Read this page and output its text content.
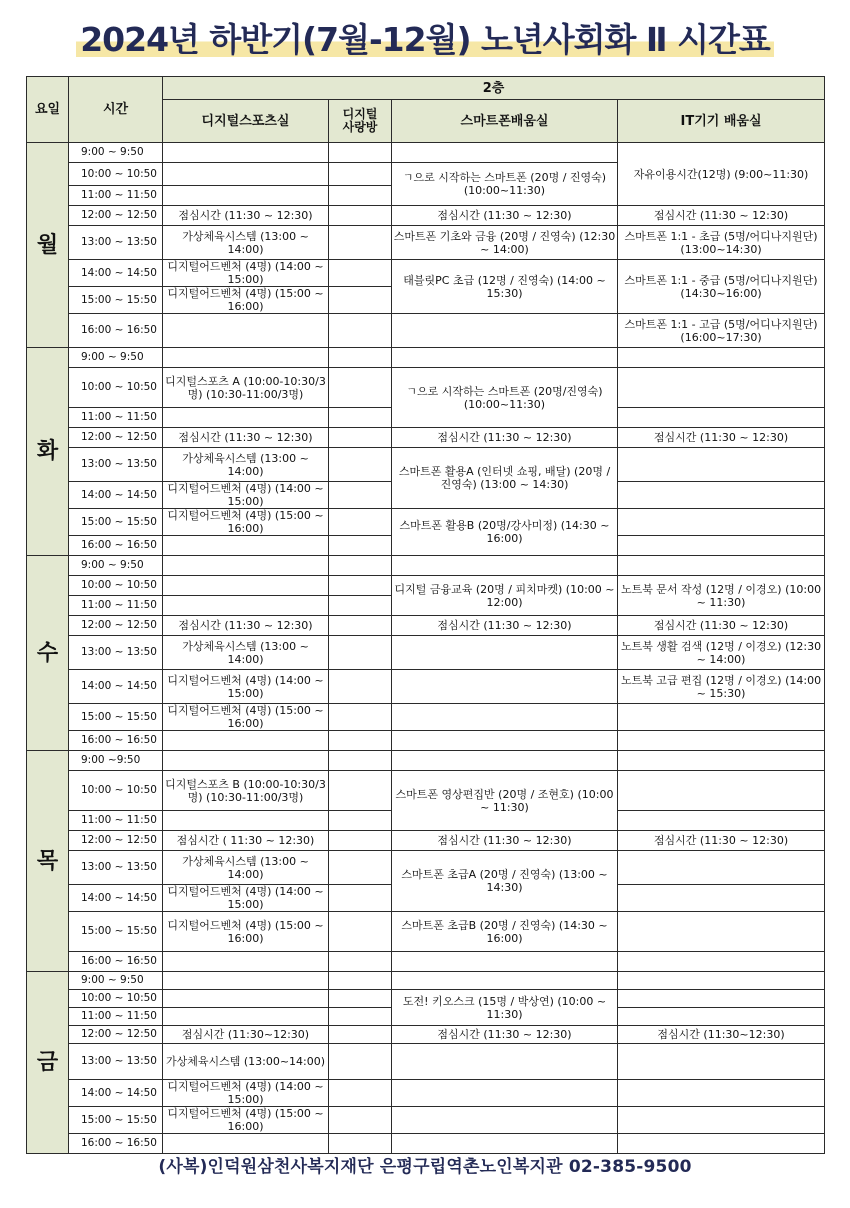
2024년 하반기(7월-12월) 노년사회화 Ⅱ 시간표
요일	시간	2층			
		디지털스포츠실	디지털 사랑방	스마트폰배움실	IT기기 배움실
월	9:00 ~ 9:50				자유이용시간(12명) (9:00~11:30)
	10:00 ~ 10:50			ㄱ으로 시작하는 스마트폰 (20명 / 진영숙) (10:00~11:30)	
	11:00 ~ 11:50				
	12:00 ~ 12:50	점심시간 (11:30 ~ 12:30)		점심시간 (11:30 ~ 12:30)	점심시간 (11:30 ~ 12:30)
	13:00 ~ 13:50	가상체육시스템 (13:00 ~ 14:00)		스마트폰 기초와 금융 (20명 / 진영숙) (12:30 ~ 14:00)	스마트폰 1:1 - 초급 (5명/어디나지원단) (13:00~14:30)
	14:00 ~ 14:50	디지털어드벤처 (4명) (14:00 ~ 15:00)		태블릿PC 초급 (12명 / 진영숙) (14:00 ~ 15:30)	스마트폰 1:1 - 중급 (5명/어디나지원단) (14:30~16:00)
	15:00 ~ 15:50	디지털어드벤처 (4명) (15:00 ~ 16:00)			
	16:00 ~ 16:50				스마트폰 1:1 - 고급 (5명/어디나지원단) (16:00~17:30)
화	9:00 ~ 9:50				
	10:00 ~ 10:50	디지털스포츠 A (10:00-10:30/3명) (10:30-11:00/3명)		ㄱ으로 시작하는 스마트폰 (20명/진영숙) (10:00~11:30)	
	11:00 ~ 11:50				
	12:00 ~ 12:50	점심시간 (11:30 ~ 12:30)		점심시간 (11:30 ~ 12:30)	점심시간 (11:30 ~ 12:30)
	13:00 ~ 13:50	가상체육시스템 (13:00 ~ 14:00)		스마트폰 활용A (인터넷 쇼핑, 배달) (20명 / 진영숙) (13:00 ~ 14:30)	
	14:00 ~ 14:50	디지털어드벤처 (4명) (14:00 ~ 15:00)			
	15:00 ~ 15:50	디지털어드벤처 (4명) (15:00 ~ 16:00)		스마트폰 활용B (20명/강사미정) (14:30 ~ 16:00)	
	16:00 ~ 16:50				
수	9:00 ~ 9:50				
	10:00 ~ 10:50			디지털 금융교육 (20명 / 피치마켓) (10:00 ~ 12:00)	노트북 문서 작성 (12명 / 이경오) (10:00 ~ 11:30)
	11:00 ~ 11:50				
	12:00 ~ 12:50	점심시간 (11:30 ~ 12:30)		점심시간 (11:30 ~ 12:30)	점심시간 (11:30 ~ 12:30)
	13:00 ~ 13:50	가상체육시스템 (13:00 ~ 14:00)			노트북 생활 검색 (12명 / 이경오) (12:30 ~ 14:00)
	14:00 ~ 14:50	디지털어드벤처 (4명) (14:00 ~ 15:00)			노트북 고급 편집 (12명 / 이경오) (14:00 ~ 15:30)
	15:00 ~ 15:50	디지털어드벤처 (4명) (15:00 ~ 16:00)			
	16:00 ~ 16:50				
목	9:00 ~9:50				
	10:00 ~ 10:50	디지털스포츠 B (10:00-10:30/3명) (10:30-11:00/3명)		스마트폰 영상편집반 (20명 / 조현호) (10:00 ~ 11:30)	
	11:00 ~ 11:50				
	12:00 ~ 12:50	점심시간 ( 11:30 ~ 12:30)		점심시간 (11:30 ~ 12:30)	점심시간 (11:30 ~ 12:30)
	13:00 ~ 13:50	가상체육시스템 (13:00 ~ 14:00)		스마트폰 초급A (20명 / 진영숙) (13:00 ~ 14:30)	
	14:00 ~ 14:50	디지털어드벤처 (4명) (14:00 ~ 15:00)			
	15:00 ~ 15:50	디지털어드벤처 (4명) (15:00 ~ 16:00)		스마트폰 초급B (20명 / 진영숙) (14:30 ~ 16:00)	
	16:00 ~ 16:50				
금	9:00 ~ 9:50				
	10:00 ~ 10:50			도전! 키오스크 (15명 / 박상연) (10:00 ~ 11:30)	
	11:00 ~ 11:50				
	12:00 ~ 12:50	점심시간 (11:30~12:30)		점심시간 (11:30 ~ 12:30)	점심시간 (11:30~12:30)
	13:00 ~ 13:50	가상체육시스템 (13:00~14:00)			
	14:00 ~ 14:50	디지털어드벤처 (4명) (14:00 ~ 15:00)			
	15:00 ~ 15:50	디지털어드벤처 (4명) (15:00 ~ 16:00)			
	16:00 ~ 16:50				
(사복)인덕원삼천사복지재단 은평구립역촌노인복지관 02-385-9500
